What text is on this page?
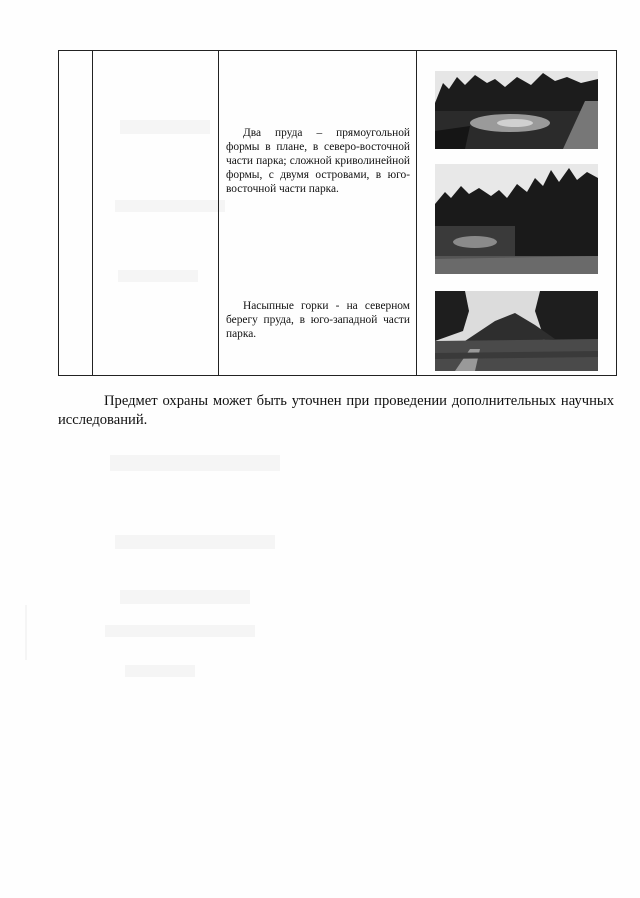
Два пруда – прямоугольной формы в плане, в северо-восточной части парка; сложной криволинейной формы, с двумя островами, в юго-восточной части парка.

Насыпные горки - на северном берегу пруда, в юго-западной части парка.

Предмет охраны может быть уточнен при проведении дополнительных научных исследований.
